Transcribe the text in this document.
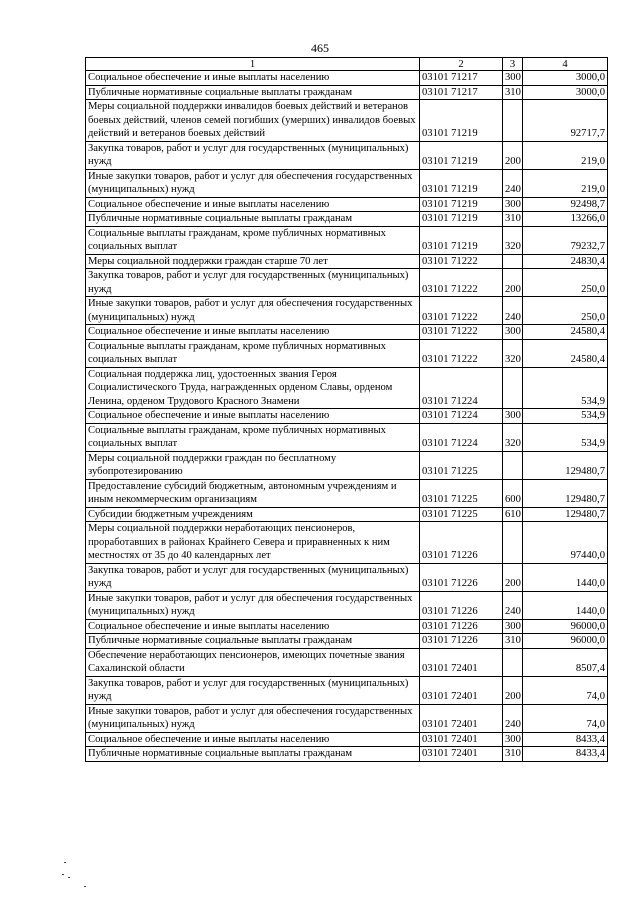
465
1	2	3	4
Социальное обеспечение и иные выплаты населению	03101 71217	300	3000,0
Публичные нормативные социальные выплаты гражданам	03101 71217	310	3000,0
Меры социальной поддержки инвалидов боевых действий и ветеранов боевых действий, членов семей погибших (умерших) инвалидов боевых действий и ветеранов боевых действий	03101 71219		92717,7
Закупка товаров, работ и услуг для государственных (муниципальных) нужд	03101 71219	200	219,0
Иные закупки товаров, работ и услуг для обеспечения государственных (муниципальных) нужд	03101 71219	240	219,0
Социальное обеспечение и иные выплаты населению	03101 71219	300	92498,7
Публичные нормативные социальные выплаты гражданам	03101 71219	310	13266,0
Социальные выплаты гражданам, кроме публичных нормативных социальных выплат	03101 71219	320	79232,7
Меры социальной поддержки граждан старше 70 лет	03101 71222		24830,4
Закупка товаров, работ и услуг для государственных (муниципальных) нужд	03101 71222	200	250,0
Иные закупки товаров, работ и услуг для обеспечения государственных (муниципальных) нужд	03101 71222	240	250,0
Социальное обеспечение и иные выплаты населению	03101 71222	300	24580,4
Социальные выплаты гражданам, кроме публичных нормативных социальных выплат	03101 71222	320	24580,4
Социальная поддержка лиц, удостоенных звания Героя Социалистического Труда, награжденных орденом Славы, орденом Ленина, орденом Трудового Красного Знамени	03101 71224		534,9
Социальное обеспечение и иные выплаты населению	03101 71224	300	534,9
Социальные выплаты гражданам, кроме публичных нормативных социальных выплат	03101 71224	320	534,9
Меры социальной поддержки граждан по бесплатному зубопротезированию	03101 71225		129480,7
Предоставление субсидий бюджетным, автономным учреждениям и иным некоммерческим организациям	03101 71225	600	129480,7
Субсидии бюджетным учреждениям	03101 71225	610	129480,7
Меры социальной поддержки неработающих пенсионеров, проработавших в районах Крайнего Севера и приравненных к ним местностях от 35 до 40 календарных лет	03101 71226		97440,0
Закупка товаров, работ и услуг для государственных (муниципальных) нужд	03101 71226	200	1440,0
Иные закупки товаров, работ и услуг для обеспечения государственных (муниципальных) нужд	03101 71226	240	1440,0
Социальное обеспечение и иные выплаты населению	03101 71226	300	96000,0
Публичные нормативные социальные выплаты гражданам	03101 71226	310	96000,0
Обеспечение неработающих пенсионеров, имеющих почетные звания Сахалинской области	03101 72401		8507,4
Закупка товаров, работ и услуг для государственных (муниципальных) нужд	03101 72401	200	74,0
Иные закупки товаров, работ и услуг для обеспечения государственных (муниципальных) нужд	03101 72401	240	74,0
Социальное обеспечение и иные выплаты населению	03101 72401	300	8433,4
Публичные нормативные социальные выплаты гражданам	03101 72401	310	8433,4
